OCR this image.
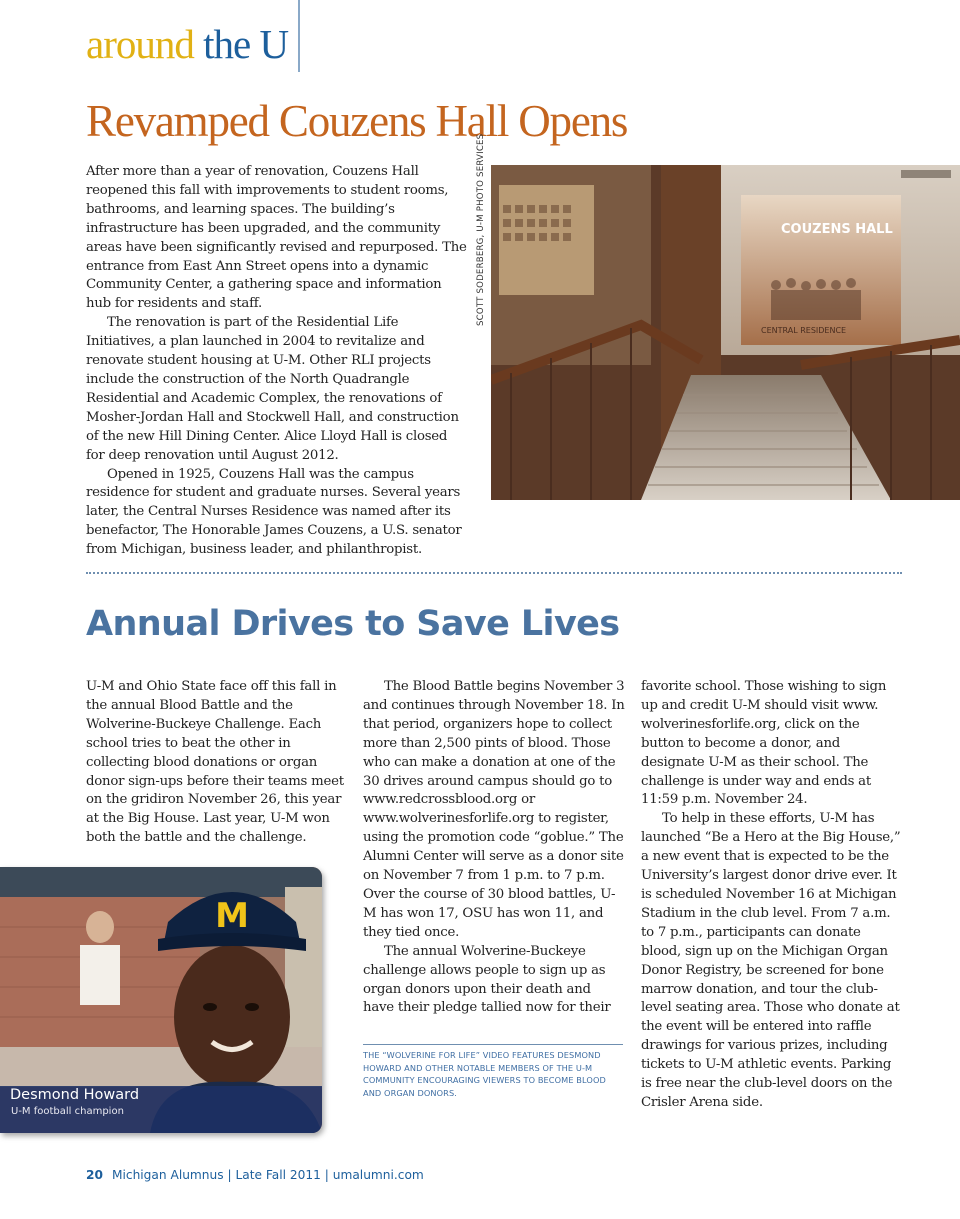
around the U
Revamped Couzens Hall Opens

After more than a year of renovation, Couzens Hall reopened this fall with improvements to student rooms, bathrooms, and learning spaces. The building’s infrastructure has been upgraded, and the community areas have been significantly revised and repurposed. The entrance from East Ann Street opens into a dynamic Community Center, a gathering space and information hub for residents and staff.

The renovation is part of the Residential Life Initiatives, a plan launched in 2004 to revitalize and renovate student housing at U-M. Other RLI projects include the construction of the North Quadrangle Residential and Academic Complex, the renovations of Mosher-Jordan Hall and Stockwell Hall, and construction of the new Hill Dining Center. Alice Lloyd Hall is closed for deep renovation until August 2012.

Opened in 1925, Couzens Hall was the campus residence for student and graduate nurses. Several years later, the Central Nurses Residence was named after its benefactor, The Honorable James Couzens, a U.S. senator from Michigan, business leader, and philanthropist.

SCOTT SODERBERG, U-M PHOTO SERVICES	COUZENS HALL
CENTRAL RESIDENCE
Annual Drives to Save Lives

U-M and Ohio State face off this fall in the annual Blood Battle and the Wolverine-Buckeye Challenge. Each school tries to beat the other in collecting blood donations or organ donor sign-ups before their teams meet on the gridiron November 26, this year at the Big House. Last year, U-M won both the battle and the challenge.

The Blood Battle begins November 3 and continues through November 18. In that period, organizers hope to collect more than 2,500 pints of blood. Those who can make a donation at one of the 30 drives around campus should go to www.redcrossblood.org or www.wolverinesforlife.org to register, using the promotion code “goblue.” The Alumni Center will serve as a donor site on November 7 from 1 p.m. to 7 p.m. Over the course of 30 blood battles, U-M has won 17, OSU has won 11, and they tied once.

The annual Wolverine-Buckeye challenge allows people to sign up as organ donors upon their death and have their pledge tallied now for their

favorite school. Those wishing to sign up and credit U-M should visit www. wolverinesforlife.org, click on the button to become a donor, and designate U-M as their school. The challenge is under way and ends at 11:59 p.m. November 24.

To help in these efforts, U-M has launched “Be a Hero at the Big House,” a new event that is expected to be the University’s largest donor drive ever. It is scheduled November 16 at Michigan Stadium in the club level. From 7 a.m. to 7 p.m., participants can donate blood, sign up on the Michigan Organ Donor Registry, be screened for bone marrow donation, and tour the club-level seating area. Those who donate at the event will be entered into raffle drawings for various prizes, including tickets to U-M athletic events. Parking is free near the club-level doors on the Crisler Arena side.

M
Desmond Howard
U-M football champion
THE “WOLVERINE FOR LIFE” VIDEO FEATURES DESMOND HOWARD AND OTHER NOTABLE MEMBERS OF THE U-M COMMUNITY ENCOURAGING VIEWERS TO BECOME BLOOD AND ORGAN DONORS.
20 Michigan Alumnus | Late Fall 2011 | umalumni.com
